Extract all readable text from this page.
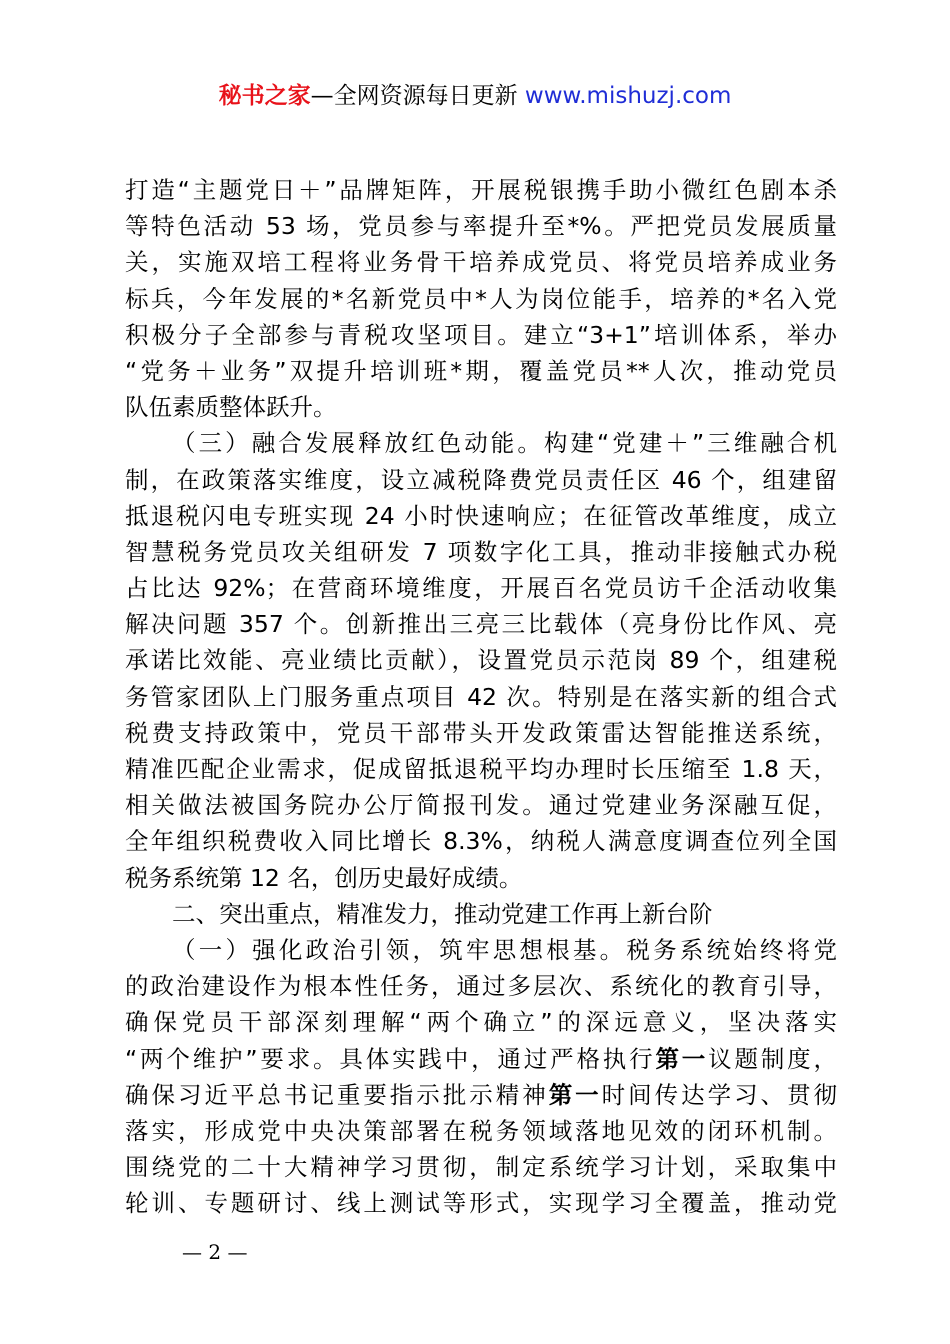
秘书之家—全网资源每日更新 www.mishuzj.com
打造“主题党日＋”品牌矩阵，开展税银携手助小微红色剧本杀
等特色活动 53 场，党员参与率提升至*%。严把党员发展质量
关，实施双培工程将业务骨干培养成党员、将党员培养成业务
标兵，今年发展的*名新党员中*人为岗位能手，培养的*名入党
积极分子全部参与青税攻坚项目。建立“3+1”培训体系，举办
“党务＋业务”双提升培训班*期，覆盖党员**人次，推动党员
队伍素质整体跃升。
（三）融合发展释放红色动能。构建“党建＋”三维融合机
制，在政策落实维度，设立减税降费党员责任区 46 个，组建留
抵退税闪电专班实现 24 小时快速响应；在征管改革维度，成立
智慧税务党员攻关组研发 7 项数字化工具，推动非接触式办税
占比达 92%；在营商环境维度，开展百名党员访千企活动收集
解决问题 357 个。创新推出三亮三比载体（亮身份比作风、亮
承诺比效能、亮业绩比贡献），设置党员示范岗 89 个，组建税
务管家团队上门服务重点项目 42 次。特别是在落实新的组合式
税费支持政策中，党员干部带头开发政策雷达智能推送系统，
精准匹配企业需求，促成留抵退税平均办理时长压缩至 1.8 天，
相关做法被国务院办公厅简报刊发。通过党建业务深融互促，
全年组织税费收入同比增长 8.3%，纳税人满意度调查位列全国
税务系统第 12 名，创历史最好成绩。
二、突出重点，精准发力，推动党建工作再上新台阶
（一）强化政治引领，筑牢思想根基。税务系统始终将党
的政治建设作为根本性任务，通过多层次、系统化的教育引导，
确保党员干部深刻理解“两个确立”的深远意义，坚决落实
“两个维护”要求。具体实践中，通过严格执行第一议题制度，
确保习近平总书记重要指示批示精神第一时间传达学习、贯彻
落实，形成党中央决策部署在税务领域落地见效的闭环机制。
围绕党的二十大精神学习贯彻，制定系统学习计划，采取集中
轮训、专题研讨、线上测试等形式，实现学习全覆盖，推动党
— 2 —
